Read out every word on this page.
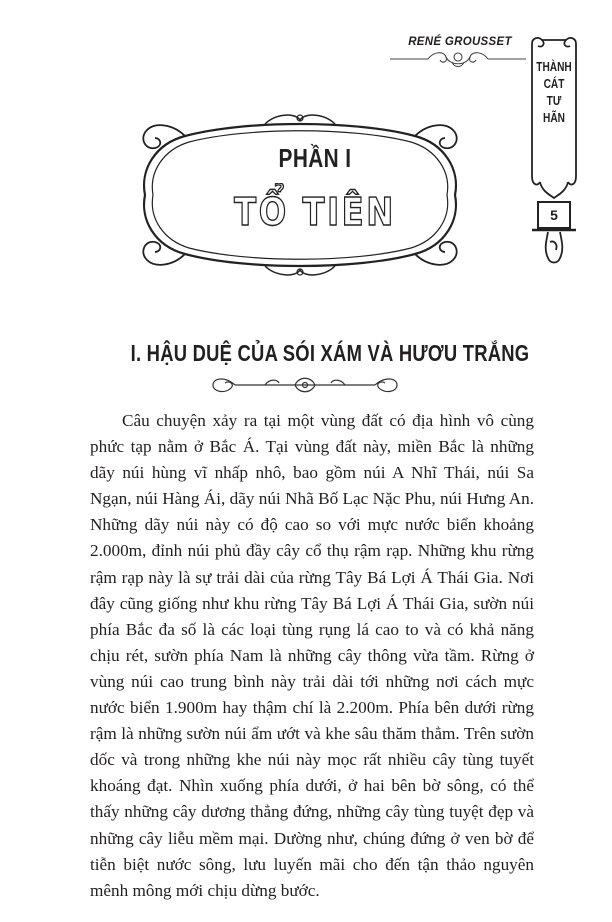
RENÉ GROUSSET
THÀNH
CÁT
TƯ
HÃN
5
PHẦN I
TỔ TIÊN
I. HẬU DUỆ CỦA SÓI XÁM VÀ HƯƠU TRẮNG

Câu chuyện xảy ra tại một vùng đất có địa hình vô cùng phức tạp nằm ở Bắc Á. Tại vùng đất này, miền Bắc là những dãy núi hùng vĩ nhấp nhô, bao gồm núi A Nhĩ Thái, núi Sa Ngạn, núi Hàng Ái, dãy núi Nhã Bố Lạc Nặc Phu, núi Hưng An. Những dãy núi này có độ cao so với mực nước biển khoảng 2.000m, đỉnh núi phủ đầy cây cổ thụ rậm rạp. Những khu rừng rậm rạp này là sự trải dài của rừng Tây Bá Lợi Á Thái Gia. Nơi đây cũng giống như khu rừng Tây Bá Lợi Á Thái Gia, sườn núi phía Bắc đa số là các loại tùng rụng lá cao to và có khả năng chịu rét, sườn phía Nam là những cây thông vừa tầm. Rừng ở vùng núi cao trung bình này trải dài tới những nơi cách mực nước biển 1.900m hay thậm chí là 2.200m. Phía bên dưới rừng rậm là những sườn núi ẩm ướt và khe sâu thăm thẳm. Trên sườn dốc và trong những khe núi này mọc rất nhiều cây tùng tuyết khoáng đạt. Nhìn xuống phía dưới, ở hai bên bờ sông, có thể thấy những cây dương thẳng đứng, những cây tùng tuyệt đẹp và những cây liễu mềm mại. Dường như, chúng đứng ở ven bờ để tiễn biệt nước sông, lưu luyến mãi cho đến tận thảo nguyên mênh mông mới chịu dừng bước.
